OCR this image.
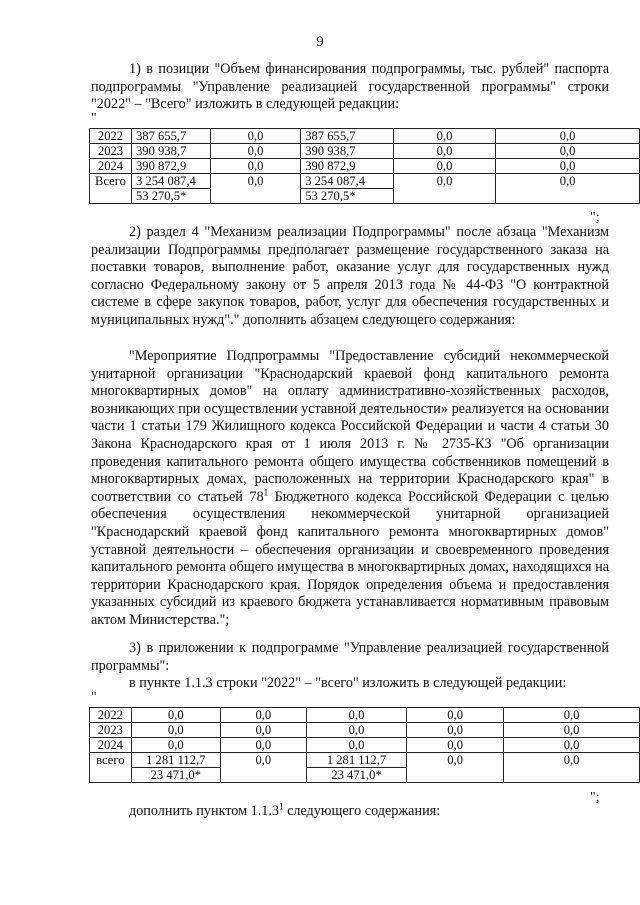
9

1) в позиции "Объем финансирования подпрограммы, тыс. рублей" паспорта подпрограммы "Управление реализацией государственной программы" строки "2022" – "Всего" изложить в следующей редакции:

"
2022	387 655,7	0,0	387 655,7	0,0	0,0
2023	390 938,7	0,0	390 938,7	0,0	0,0
2024	390 872,9	0,0	390 872,9	0,0	0,0
Всего	3 254 087,4	0,0	3 254 087,4	0,0	0,0
	53 270,5*		53 270,5*		
";

2) раздел 4 "Механизм реализации Подпрограммы" после абзаца "Механизм реализации Подпрограммы предполагает размещение государственного заказа на поставки товаров, выполнение работ, оказание услуг для государственных нужд согласно Федеральному закону от 5 апреля 2013 года № 44-ФЗ "О контрактной системе в сфере закупок товаров, работ, услуг для обеспечения государственных и муниципальных нужд"." дополнить абзацем следующего содержания:

"Мероприятие Подпрограммы "Предоставление субсидий некоммерческой унитарной организации "Краснодарский краевой фонд капитального ремонта многоквартирных домов" на оплату административно-хозяйственных расходов, возникающих при осуществлении уставной деятельности» реализуется на основании части 1 статьи 179 Жилищного кодекса Российской Федерации и части 4 статьи 30 Закона Краснодарского края от 1 июля 2013 г. № 2735-КЗ "Об организации проведения капитального ремонта общего имущества собственников помещений в многоквартирных домах, расположенных на территории Краснодарского края" в соответствии со статьей $78^1$ Бюджетного кодекса Российской Федерации с целью обеспечения осуществления некоммерческой унитарной организацией "Краснодарский краевой фонд капитального ремонта многоквартирных домов" уставной деятельности – обеспечения организации и своевременного проведения капитального ремонта общего имущества в многоквартирных домах, находящихся на территории Краснодарского края. Порядок определения объема и предоставления указанных субсидий из краевого бюджета устанавливается нормативным правовым актом Министерства.";

3) в приложении к подпрограмме "Управление реализацией государственной программы":

в пункте 1.1.3 строки "2022" – "всего" изложить в следующей редакции:

"
2022	0,0	0,0	0,0	0,0	0,0
2023	0,0	0,0	0,0	0,0	0,0
2024	0,0	0,0	0,0	0,0	0,0
всего	1 281 112,7	0,0	1 281 112,7	0,0	0,0
	23 471,0*		23 471,0*		
";

дополнить пунктом 1.1.3$^1$ следующего содержания:
